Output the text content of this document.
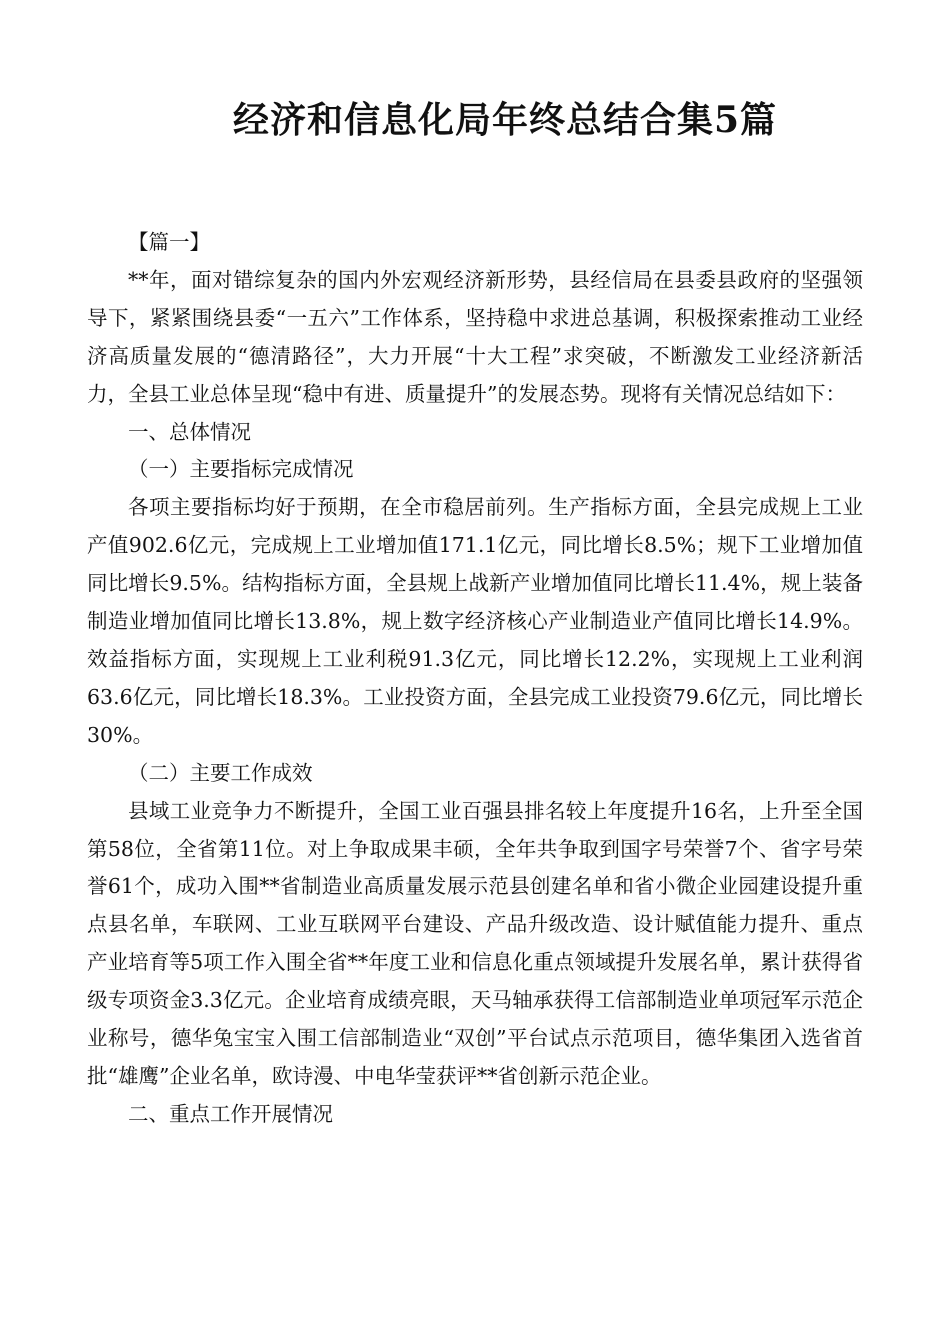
经济和信息化局年终总结合集5篇

【篇一】

**年，面对错综复杂的国内外宏观经济新形势，县经信局在县委县政府的坚强领导下，紧紧围绕县委“一五六”工作体系，坚持稳中求进总基调，积极探索推动工业经济高质量发展的“德清路径”，大力开展“十大工程”求突破，不断激发工业经济新活力，全县工业总体呈现“稳中有进、质量提升”的发展态势。现将有关情况总结如下：

一、总体情况

（一）主要指标完成情况

各项主要指标均好于预期，在全市稳居前列。生产指标方面，全县完成规上工业产值902.6亿元，完成规上工业增加值171.1亿元，同比增长8.5%；规下工业增加值同比增长9.5%。结构指标方面，全县规上战新产业增加值同比增长11.4%，规上装备制造业增加值同比增长13.8%，规上数字经济核心产业制造业产值同比增长14.9%。效益指标方面，实现规上工业利税91.3亿元，同比增长12.2%，实现规上工业利润63.6亿元，同比增长18.3%。工业投资方面，全县完成工业投资79.6亿元，同比增长30%。

（二）主要工作成效

县域工业竞争力不断提升，全国工业百强县排名较上年度提升16名，上升至全国第58位，全省第11位。对上争取成果丰硕，全年共争取到国字号荣誉7个、省字号荣誉61个，成功入围**省制造业高质量发展示范县创建名单和省小微企业园建设提升重点县名单，车联网、工业互联网平台建设、产品升级改造、设计赋值能力提升、重点产业培育等5项工作入围全省**年度工业和信息化重点领域提升发展名单，累计获得省级专项资金3.3亿元。企业培育成绩亮眼，天马轴承获得工信部制造业单项冠军示范企业称号，德华兔宝宝入围工信部制造业“双创”平台试点示范项目，德华集团入选省首批“雄鹰”企业名单，欧诗漫、中电华莹获评**省创新示范企业。

二、重点工作开展情况
